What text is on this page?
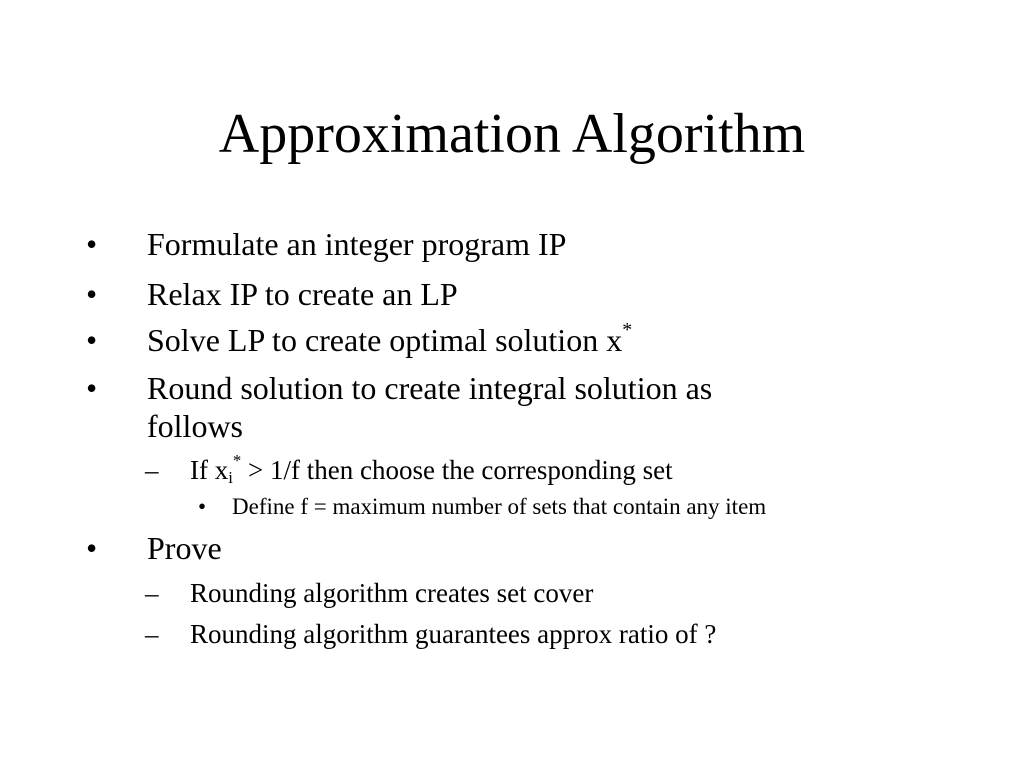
Approximation Algorithm
• Formulate an integer program IP
• Relax IP to create an LP
• Solve LP to create optimal solution x*
• Round solution to create integral solution as
follows
– If $x_i^* > 1/f$ then choose the corresponding set
• Define f = maximum number of sets that contain any item
• Prove
– Rounding algorithm creates set cover
– Rounding algorithm guarantees approx ratio of ?
